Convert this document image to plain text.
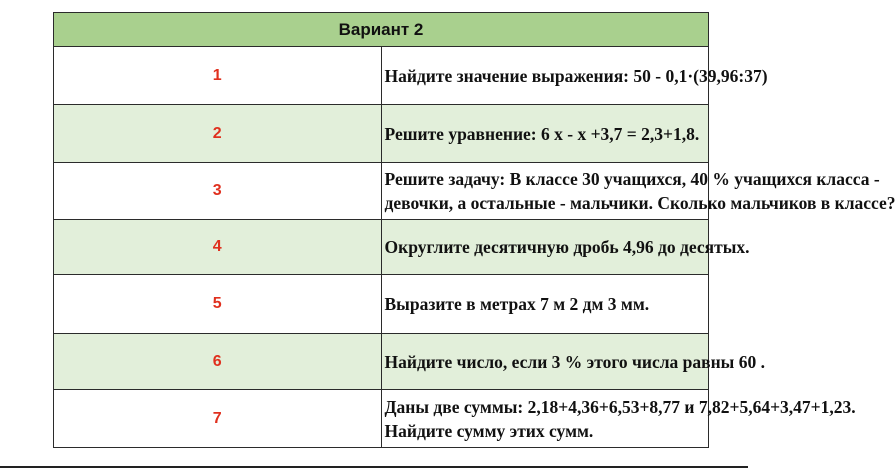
Вариант 2	
1	Найдите значение выражения: 50 - 0,1·(39,96:37)

2	Решите уравнение: 6 x - x +3,7 = 2,3+1,8.

3	Решите задачу: В классе 30 учащихся, 40 % учащихся класса -
девочки, а остальные - мальчики. Сколько мальчиков в классе?

4	Округлите десятичную дробь 4,96 до десятых.

5	Выразите в метрах 7 м 2 дм 3 мм.

6	Найдите число, если 3 % этого числа равны 60 .

7	Даны две суммы: 2,18+4,36+6,53+8,77 и 7,82+5,64+3,47+1,23.
Найдите сумму этих сумм.
